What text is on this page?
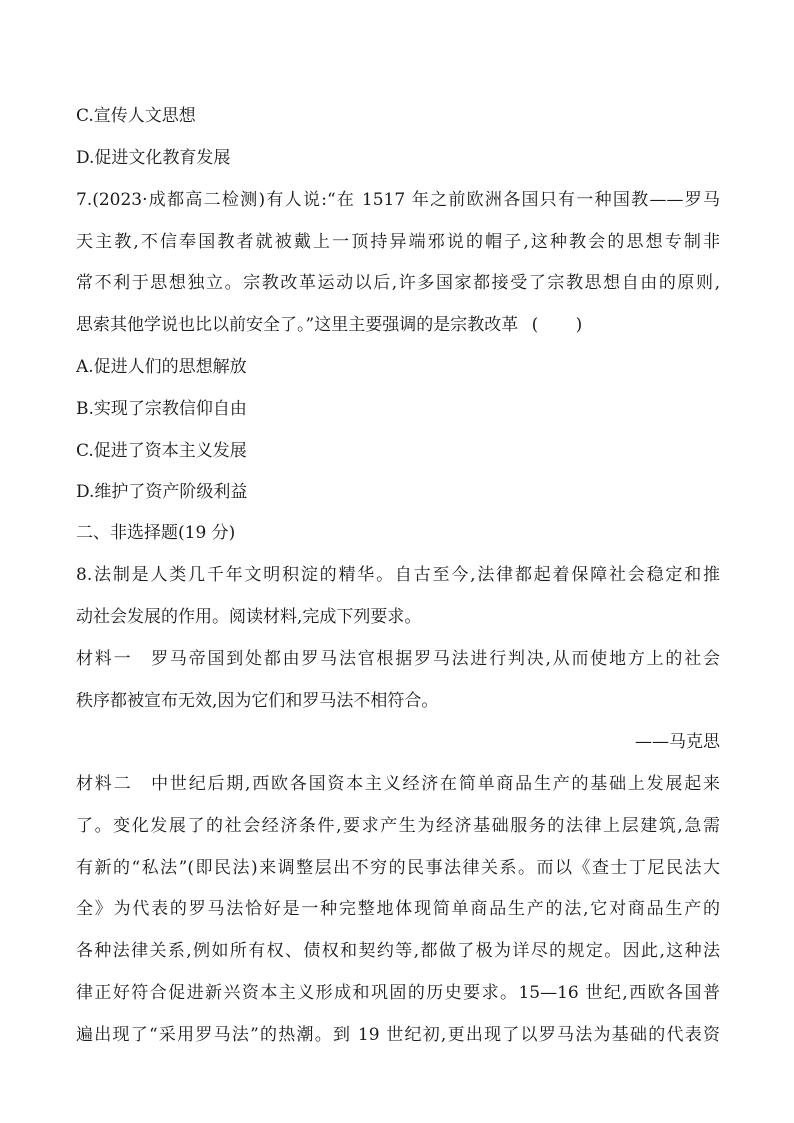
C.宣传人文思想
D.促进文化教育发展
7.(2023·成都高二检测)有人说:“在 1517 年之前欧洲各国只有一种国教——罗马
天主教,不信奉国教者就被戴上一顶持异端邪说的帽子,这种教会的思想专制非
常不利于思想独立。宗教改革运动以后,许多国家都接受了宗教思想自由的原则,
思索其他学说也比以前安全了。”这里主要强调的是宗教改革 ( )
A.促进人们的思想解放
B.实现了宗教信仰自由
C.促进了资本主义发展
D.维护了资产阶级利益
二、非选择题(19 分)
8.法制是人类几千年文明积淀的精华。自古至今,法律都起着保障社会稳定和推
动社会发展的作用。阅读材料,完成下列要求。
材料一　罗马帝国到处都由罗马法官根据罗马法进行判决,从而使地方上的社会
秩序都被宣布无效,因为它们和罗马法不相符合。
——马克思
材料二　中世纪后期,西欧各国资本主义经济在简单商品生产的基础上发展起来
了。变化发展了的社会经济条件,要求产生为经济基础服务的法律上层建筑,急需
有新的“私法”(即民法)来调整层出不穷的民事法律关系。而以《查士丁尼民法大
全》为代表的罗马法恰好是一种完整地体现简单商品生产的法,它对商品生产的
各种法律关系,例如所有权、债权和契约等,都做了极为详尽的规定。因此,这种法
律正好符合促进新兴资本主义形成和巩固的历史要求。15—16 世纪,西欧各国普
遍出现了“采用罗马法”的热潮。到 19 世纪初,更出现了以罗马法为基础的代表资
